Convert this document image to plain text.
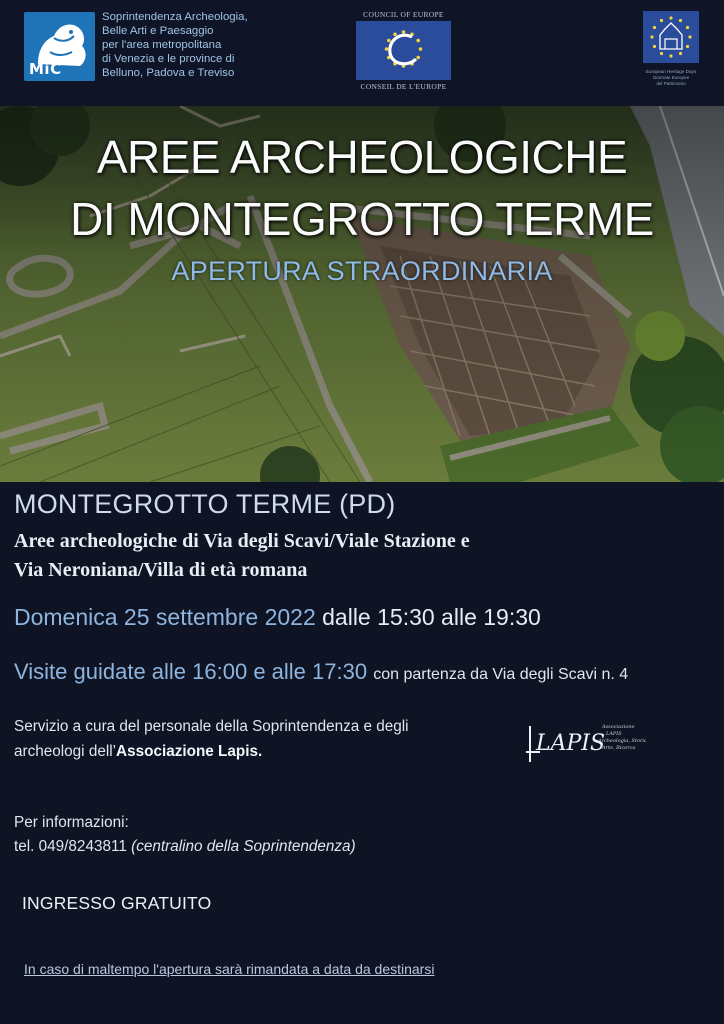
MiC
Soprintendenza Archeologia,
Belle Arti e Paesaggio
per l'area metropolitana
di Venezia e le province di
Belluno, Padova e Treviso
COUNCIL OF EUROPE
CONSEIL DE L'EUROPE
European Heritage Days
Giornate Europee
del Patrimonio
AREE ARCHEOLOGICHE
DI MONTEGROTTO TERME
APERTURA STRAORDINARIA
MONTEGROTTO TERME (PD)
Aree archeologiche di Via degli Scavi/Viale Stazione e
Via Neroniana/Villa di età romana
Domenica 25 settembre 2022 dalle 15:30 alle 19:30
Visite guidate alle 16:00 e alle 17:30 con partenza da Via degli Scavi n. 4
Servizio a cura del personale della Soprintendenza e degli
archeologi dell’Associazione Lapis.	LAPIS
Associazione
LAPIS
Archeologia, Storia,
Arte, Ricerca
Per informazioni:
tel. 049/8243811 (centralino della Soprintendenza)
INGRESSO GRATUITO
In caso di maltempo l'apertura sarà rimandata a data da destinarsi
